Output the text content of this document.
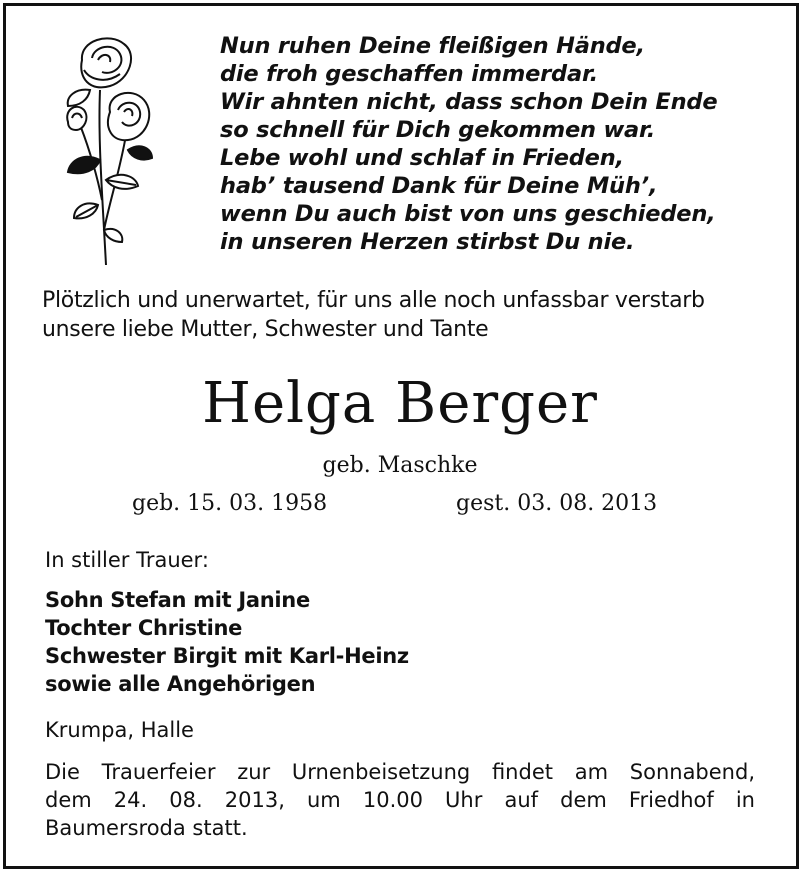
Nun ruhen Deine fleißigen Hände,
die froh geschaffen immerdar.
Wir ahnten nicht, dass schon Dein Ende
so schnell für Dich gekommen war.
Lebe wohl und schlaf in Frieden,
hab’ tausend Dank für Deine Müh’,
wenn Du auch bist von uns geschieden,
in unseren Herzen stirbst Du nie.
Plötzlich und unerwartet, für uns alle noch unfassbar verstarb
unsere liebe Mutter, Schwester und Tante
Helga Berger
geb. Maschke
geb. 15. 03. 1958	gest. 03. 08. 2013
In stiller Trauer:
Sohn Stefan mit Janine
Tochter Christine
Schwester Birgit mit Karl-Heinz
sowie alle Angehörigen
Krumpa, Halle
Die Trauerfeier zur Urnenbeisetzung findet am Sonnabend,
dem 24. 08. 2013, um 10.00 Uhr auf dem Friedhof in
Baumersroda statt.
